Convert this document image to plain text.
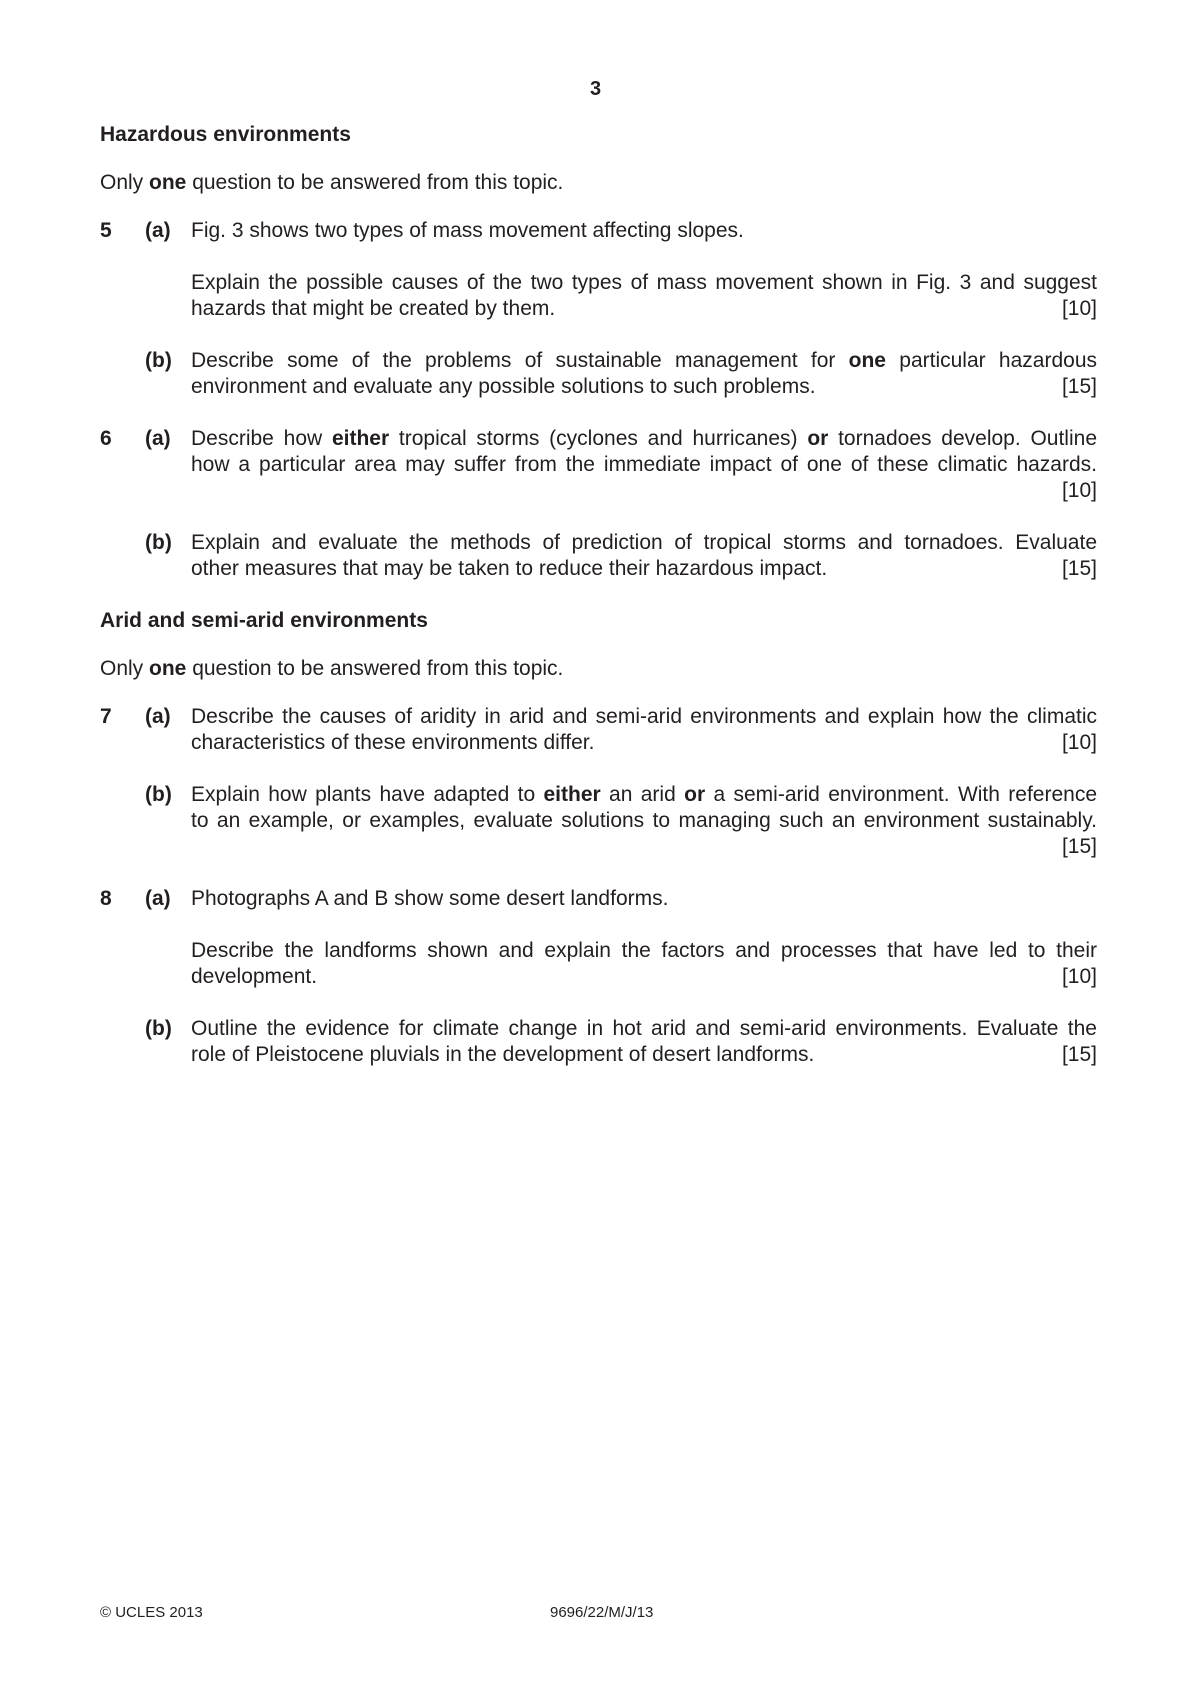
3
Hazardous environments
Only one question to be answered from this topic.
5	(a) Fig. 3 shows two types of mass movement affecting slopes.
Explain the possible causes of the two types of mass movement shown in Fig. 3 and suggest
hazards that might be created by them.	[10]
(b) Describe some of the problems of sustainable management for one particular hazardous
environment and evaluate any possible solutions to such problems.	[15]
6	(a) Describe how either tropical storms (cyclones and hurricanes) or tornadoes develop. Outline
how a particular area may suffer from the immediate impact of one of these climatic hazards.
[10]
(b) Explain and evaluate the methods of prediction of tropical storms and tornadoes. Evaluate
other measures that may be taken to reduce their hazardous impact.	[15]
Arid and semi-arid environments
Only one question to be answered from this topic.
7	(a) Describe the causes of aridity in arid and semi-arid environments and explain how the climatic
characteristics of these environments differ.	[10]
(b) Explain how plants have adapted to either an arid or a semi-arid environment. With reference
to an example, or examples, evaluate solutions to managing such an environment sustainably.
[15]
8	(a) Photographs A and B show some desert landforms.
Describe the landforms shown and explain the factors and processes that have led to their
development.	[10]
(b) Outline the evidence for climate change in hot arid and semi-arid environments. Evaluate the
role of Pleistocene pluvials in the development of desert landforms.	[15]
© UCLES 2013	9696/22/M/J/13
